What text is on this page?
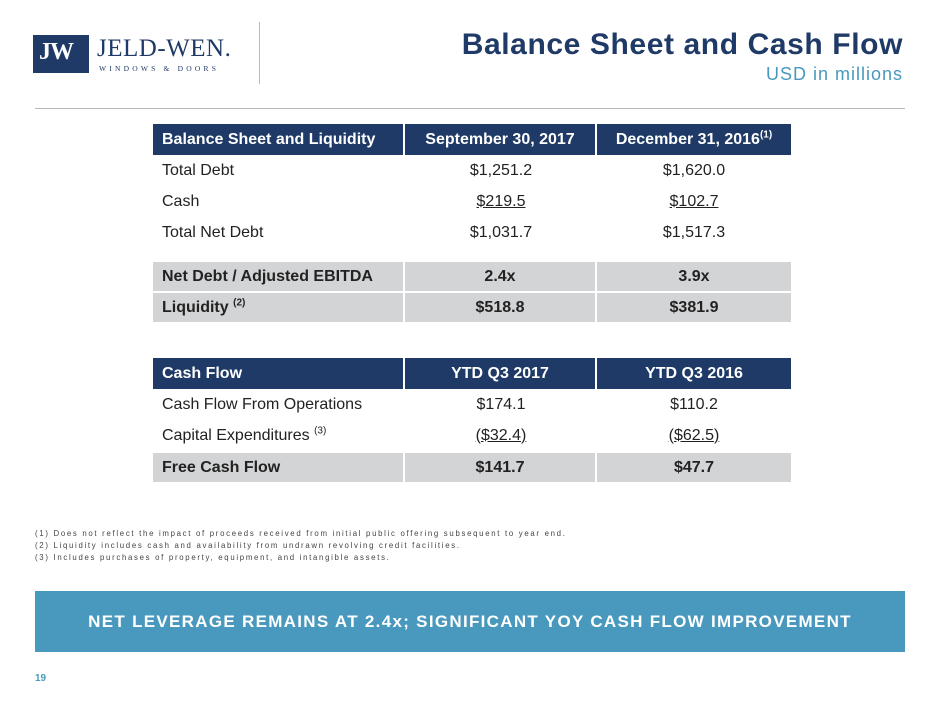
JW JELD-WEN.
WINDOWS & DOORS
Balance Sheet and Cash Flow
USD in millions
Balance Sheet and Liquidity	September 30, 2017	December 31, 2016$^{(1)}$
Total Debt	$1,251.2	$1,620.0
Cash	$219.5	$102.7
Total Net Debt	$1,031.7	$1,517.3

Net Debt / Adjusted EBITDA	2.4x	3.9x
Liquidity $^{(2)}$	$518.8	$381.9
Cash Flow	YTD Q3 2017	YTD Q3 2016
Cash Flow From Operations	$174.1	$110.2
Capital Expenditures $^{(3)}$	($32.4)	($62.5)
Free Cash Flow	$141.7	$47.7
(1) Does not reflect the impact of proceeds received from initial public offering subsequent to year end.
(2) Liquidity includes cash and availability from undrawn revolving credit facilities.
(3) Includes purchases of property, equipment, and intangible assets.
NET LEVERAGE REMAINS AT 2.4x; SIGNIFICANT YOY CASH FLOW IMPROVEMENT
19
